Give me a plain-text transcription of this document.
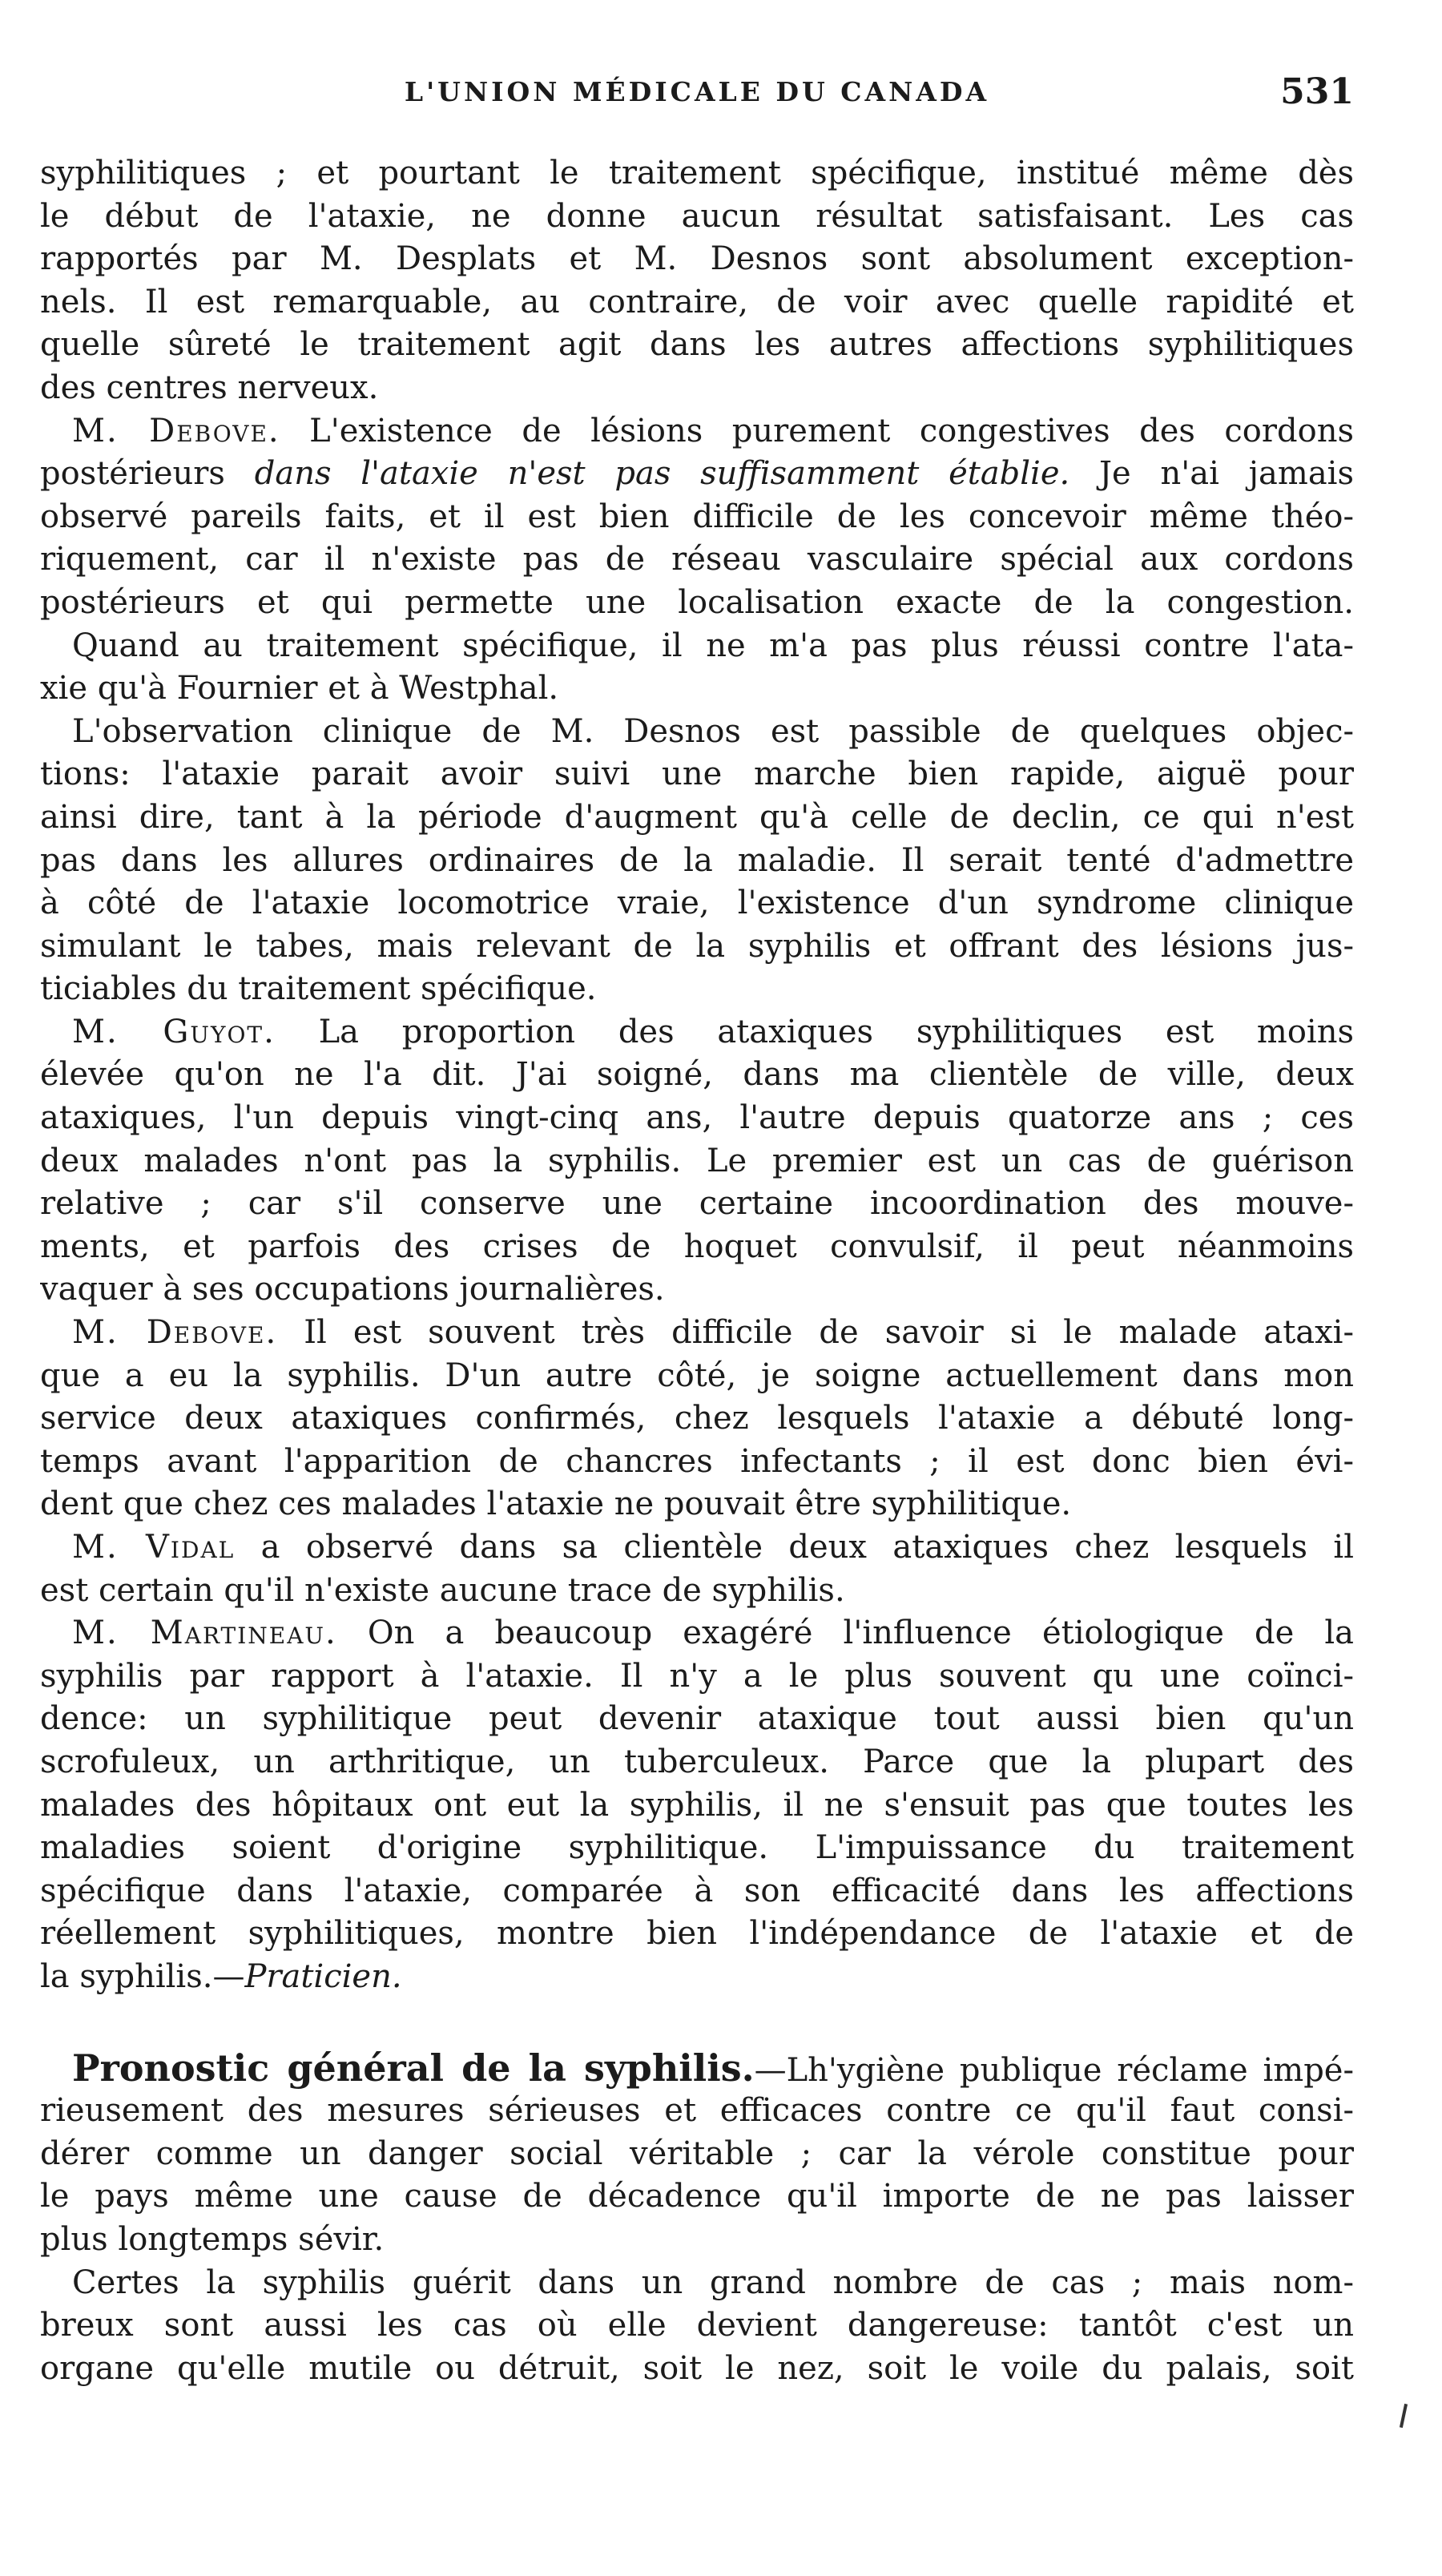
L'UNION MÉDICALE DU CANADA	531
syphilitiques ; et pourtant le traitement spécifique, institué même dès
le début de l'ataxie, ne donne aucun résultat satisfaisant. Les cas
rapportés par M. Desplats et M. Desnos sont absolument exception-
nels. Il est remarquable, au contraire, de voir avec quelle rapidité et
quelle sûreté le traitement agit dans les autres affections syphilitiques
des centres nerveux.
M. Debove. L'existence de lésions purement congestives des cordons
postérieurs dans l'ataxie n'est pas suffisamment établie. Je n'ai jamais
observé pareils faits, et il est bien difficile de les concevoir même théo-
riquement, car il n'existe pas de réseau vasculaire spécial aux cordons
postérieurs et qui permette une localisation exacte de la congestion.
Quand au traitement spécifique, il ne m'a pas plus réussi contre l'ata-
xie qu'à Fournier et à Westphal.
L'observation clinique de M. Desnos est passible de quelques objec-
tions: l'ataxie parait avoir suivi une marche bien rapide, aiguë pour
ainsi dire, tant à la période d'augment qu'à celle de declin, ce qui n'est
pas dans les allures ordinaires de la maladie. Il serait tenté d'admettre
à côté de l'ataxie locomotrice vraie, l'existence d'un syndrome clinique
simulant le tabes, mais relevant de la syphilis et offrant des lésions jus-
ticiables du traitement spécifique.
M. Guyot. La proportion des ataxiques syphilitiques est moins
élevée qu'on ne l'a dit. J'ai soigné, dans ma clientèle de ville, deux
ataxiques, l'un depuis vingt-cinq ans, l'autre depuis quatorze ans ; ces
deux malades n'ont pas la syphilis. Le premier est un cas de guérison
relative ; car s'il conserve une certaine incoordination des mouve-
ments, et parfois des crises de hoquet convulsif, il peut néanmoins
vaquer à ses occupations journalières.
M. Debove. Il est souvent très difficile de savoir si le malade ataxi-
que a eu la syphilis. D'un autre côté, je soigne actuellement dans mon
service deux ataxiques confirmés, chez lesquels l'ataxie a débuté long-
temps avant l'apparition de chancres infectants ; il est donc bien évi-
dent que chez ces malades l'ataxie ne pouvait être syphilitique.
M. Vidal a observé dans sa clientèle deux ataxiques chez lesquels il
est certain qu'il n'existe aucune trace de syphilis.
M. Martineau. On a beaucoup exagéré l'influence étiologique de la
syphilis par rapport à l'ataxie. Il n'y a le plus souvent qu une coïnci-
dence: un syphilitique peut devenir ataxique tout aussi bien qu'un
scrofuleux, un arthritique, un tuberculeux. Parce que la plupart des
malades des hôpitaux ont eut la syphilis, il ne s'ensuit pas que toutes les
maladies soient d'origine syphilitique. L'impuissance du traitement
spécifique dans l'ataxie, comparée à son efficacité dans les affections
réellement syphilitiques, montre bien l'indépendance de l'ataxie et de
la syphilis.—Praticien.
Pronostic général de la syphilis.—Lh'ygiène publique réclame impé-
rieusement des mesures sérieuses et efficaces contre ce qu'il faut consi-
dérer comme un danger social véritable ; car la vérole constitue pour
le pays même une cause de décadence qu'il importe de ne pas laisser
plus longtemps sévir.
Certes la syphilis guérit dans un grand nombre de cas ; mais nom-
breux sont aussi les cas où elle devient dangereuse: tantôt c'est un
organe qu'elle mutile ou détruit, soit le nez, soit le voile du palais, soit
